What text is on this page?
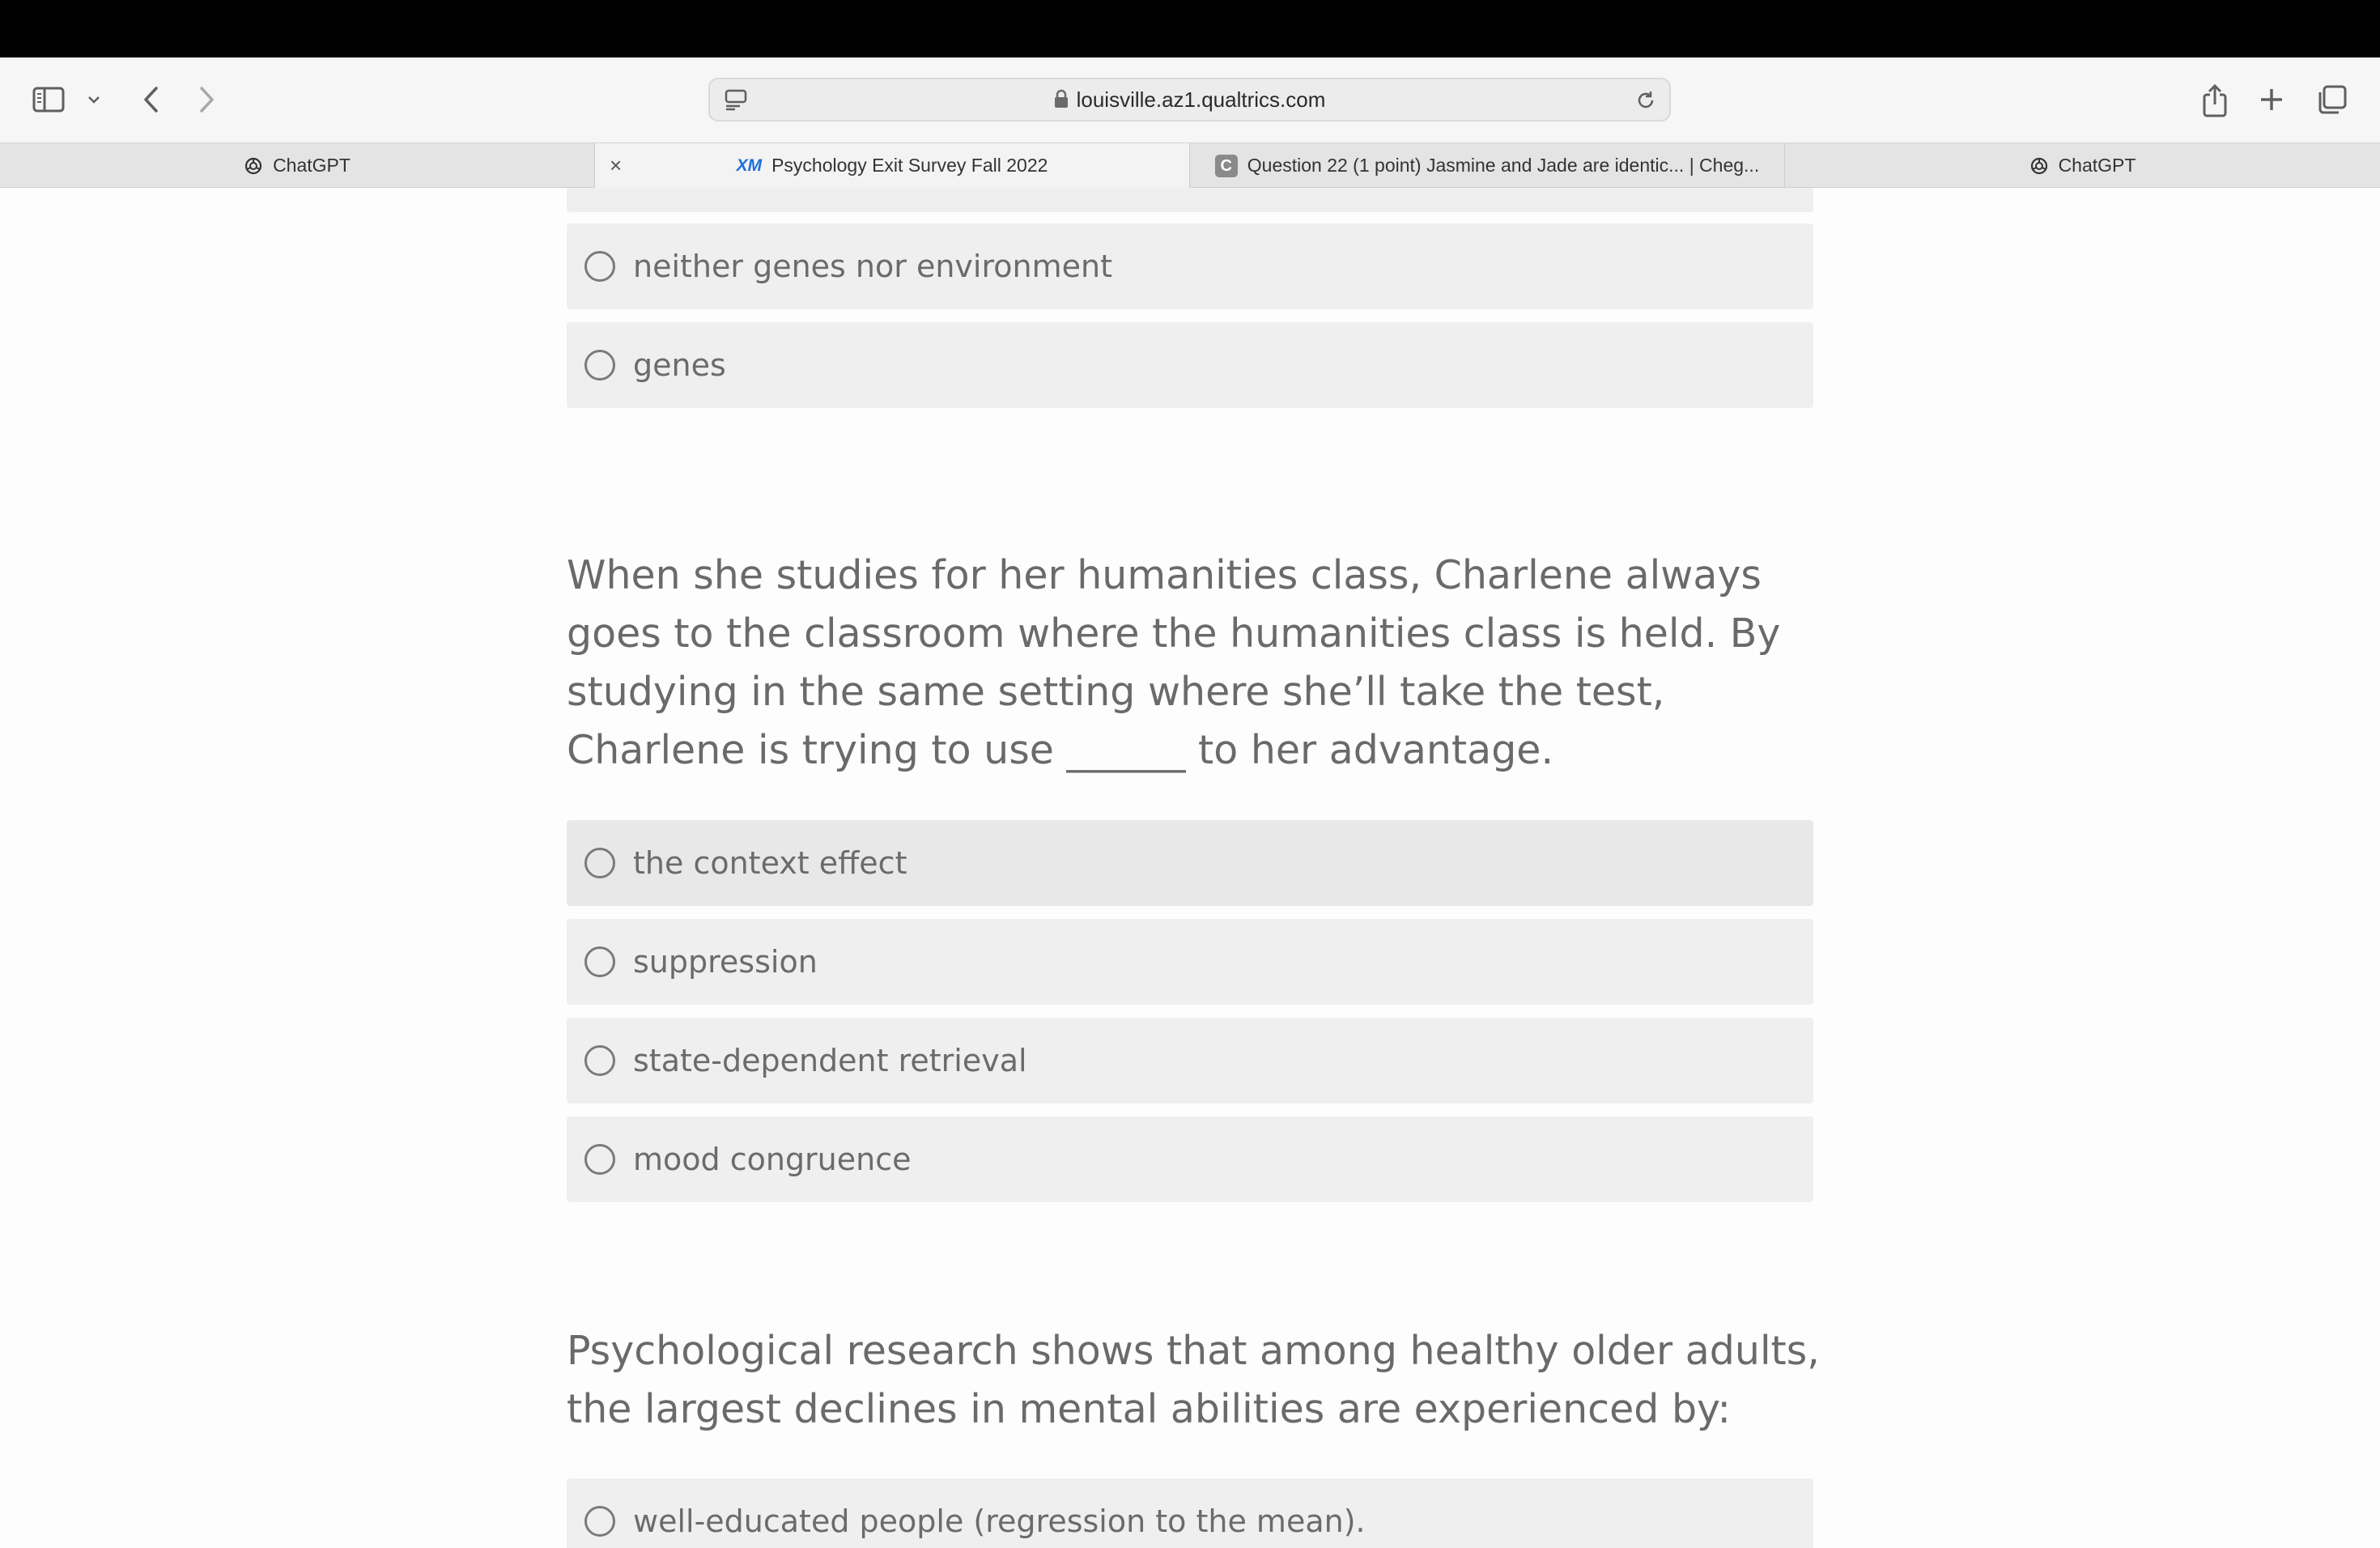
louisville.az1.qualtrics.com
ChatGPT	×	XM Psychology Exit Survey Fall 2022	C Question 22 (1 point) Jasmine and Jade are identic... | Cheg...	ChatGPT
neither genes nor environment
genes
When she studies for her humanities class, Charlene always goes to the classroom where the humanities class is held. By studying in the same setting where she’ll take the test, Charlene is trying to use ______ to her advantage.
the context effect
suppression
state-dependent retrieval
mood congruence
Psychological research shows that among healthy older adults, the largest declines in mental abilities are experienced by:
well-educated people (regression to the mean).
